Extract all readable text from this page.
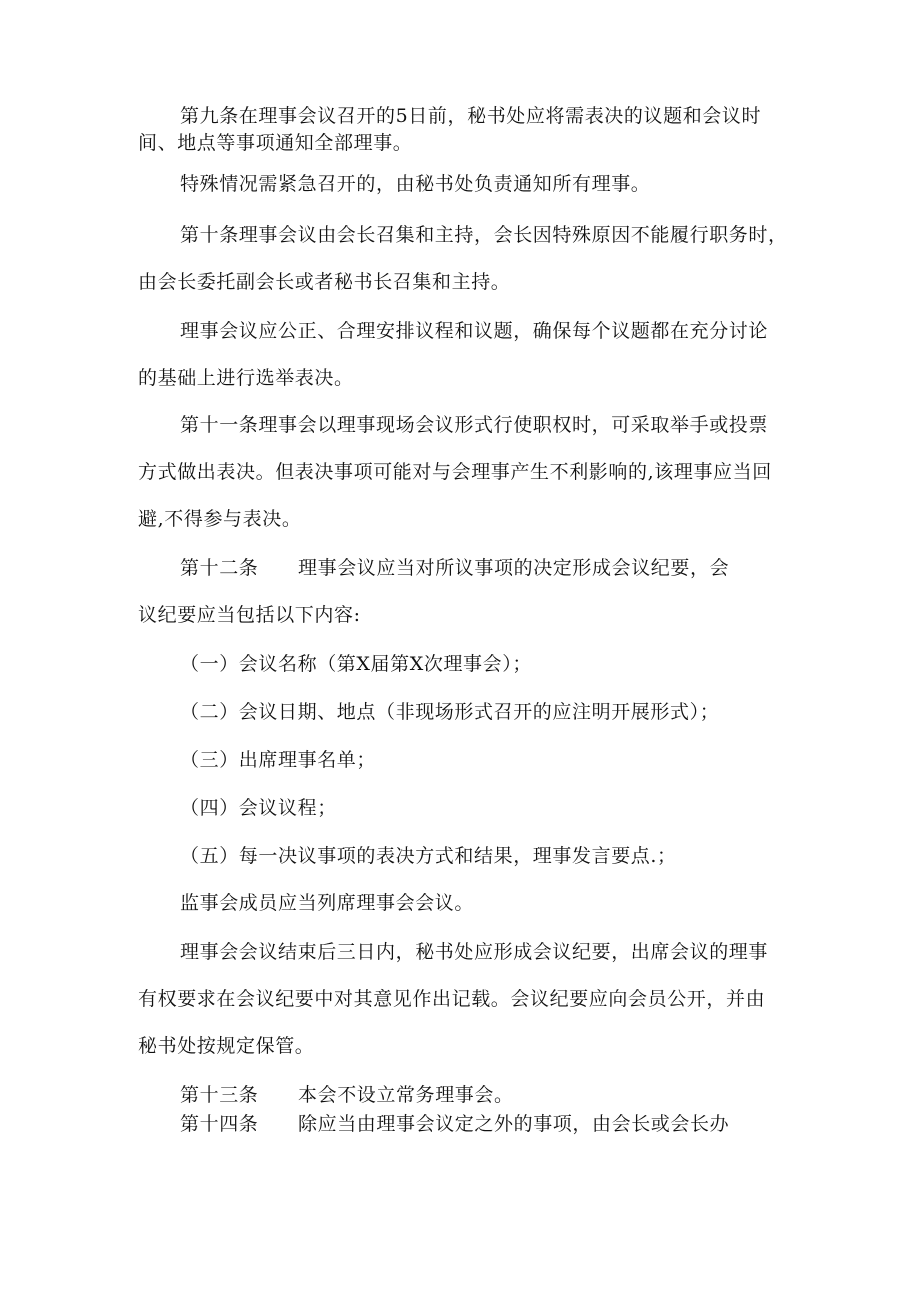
第九条在理事会议召开的5日前，秘书处应将需表决的议题和会议时
间、地点等事项通知全部理事。
特殊情况需紧急召开的，由秘书处负责通知所有理事。
第十条理事会议由会长召集和主持，会长因特殊原因不能履行职务时，
由会长委托副会长或者秘书长召集和主持。
理事会议应公正、合理安排议程和议题，确保每个议题都在充分讨论
的基础上进行选举表决。
第十一条理事会以理事现场会议形式行使职权时，可采取举手或投票
方式做出表决。但表决事项可能对与会理事产生不利影响的,该理事应当回
避,不得参与表决。
第十二条 理事会议应当对所议事项的决定形成会议纪要，会
议纪要应当包括以下内容:
（一）会议名称（第X届第X次理事会）；
（二）会议日期、地点（非现场形式召开的应注明开展形式）；
（三）出席理事名单；
（四）会议议程；
（五）每一决议事项的表决方式和结果，理事发言要点.；
监事会成员应当列席理事会会议。
理事会会议结束后三日内，秘书处应形成会议纪要，出席会议的理事
有权要求在会议纪要中对其意见作出记载。会议纪要应向会员公开，并由
秘书处按规定保管。
第十三条 本会不设立常务理事会。
第十四条 除应当由理事会议定之外的事项，由会长或会长办
